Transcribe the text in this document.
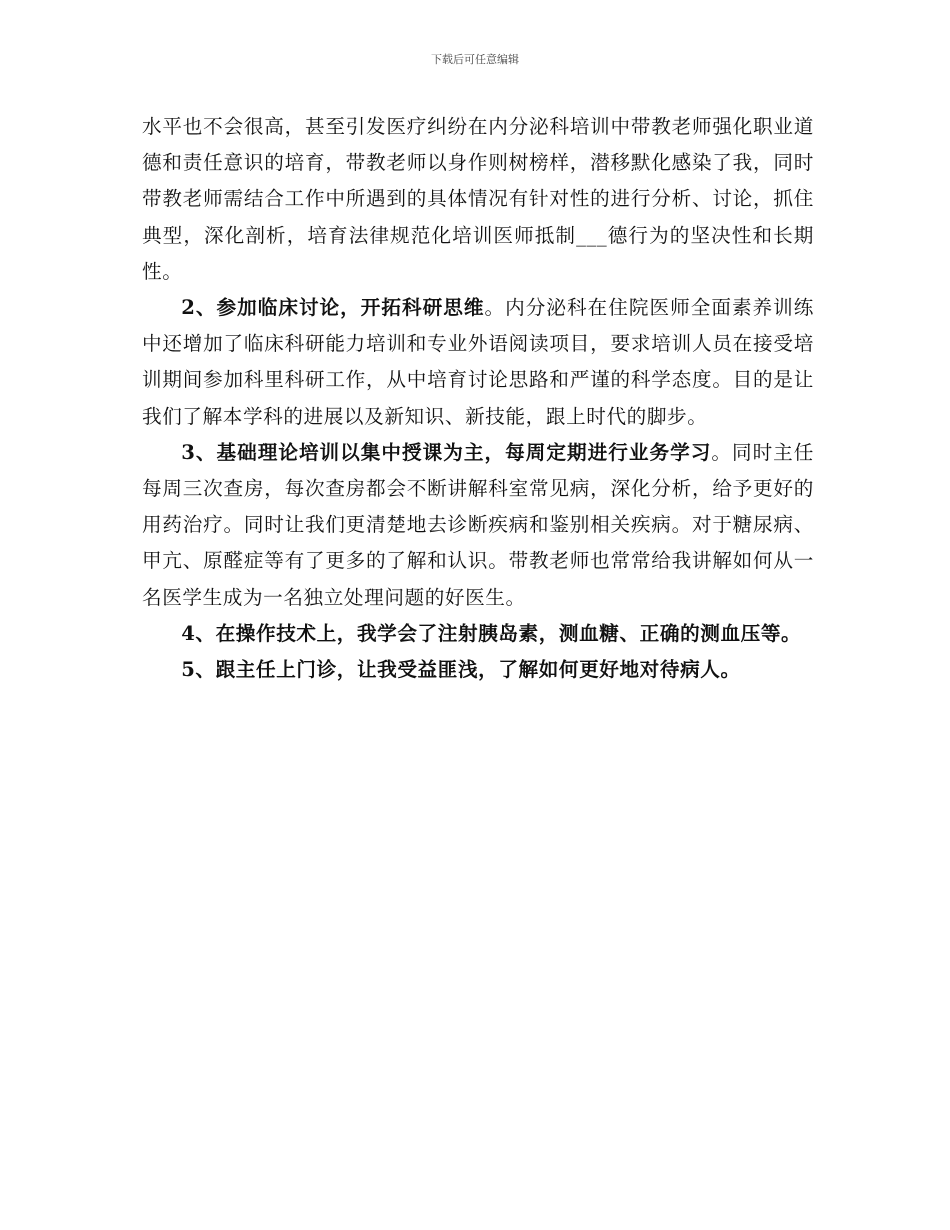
下载后可任意编辑

水平也不会很高，甚至引发医疗纠纷在内分泌科培训中带教老师强化职业道德和责任意识的培育，带教老师以身作则树榜样，潜移默化感染了我，同时带教老师需结合工作中所遇到的具体情况有针对性的进行分析、讨论，抓住典型，深化剖析，培育法律规范化培训医师抵制___德行为的坚决性和长期性。

2、参加临床讨论，开拓科研思维。内分泌科在住院医师全面素养训练中还增加了临床科研能力培训和专业外语阅读项目，要求培训人员在接受培训期间参加科里科研工作，从中培育讨论思路和严谨的科学态度。目的是让我们了解本学科的进展以及新知识、新技能，跟上时代的脚步。

3、基础理论培训以集中授课为主，每周定期进行业务学习。同时主任每周三次查房，每次查房都会不断讲解科室常见病，深化分析，给予更好的用药治疗。同时让我们更清楚地去诊断疾病和鉴别相关疾病。对于糖尿病、甲亢、原醛症等有了更多的了解和认识。带教老师也常常给我讲解如何从一名医学生成为一名独立处理问题的好医生。

4、在操作技术上，我学会了注射胰岛素，测血糖、正确的测血压等。

5、跟主任上门诊，让我受益匪浅，了解如何更好地对待病人。
